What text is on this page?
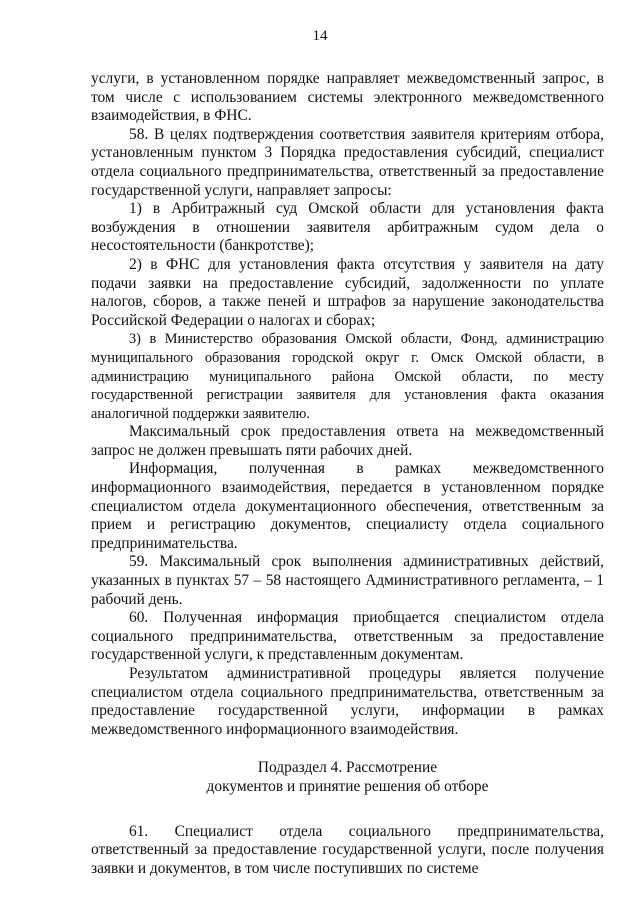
14

услуги, в установленном порядке направляет межведомственный запрос, в том числе с использованием системы электронного межведомственного взаимодействия, в ФНС.

58. В целях подтверждения соответствия заявителя критериям отбора, установленным пунктом 3 Порядка предоставления субсидий, специалист отдела социального предпринимательства, ответственный за предоставление государственной услуги, направляет запросы:

1) в Арбитражный суд Омской области для установления факта возбуждения в отношении заявителя арбитражным судом дела о несостоятельности (банкротстве);

2) в ФНС для установления факта отсутствия у заявителя на дату подачи заявки на предоставление субсидий, задолженности по уплате налогов, сборов, а также пеней и штрафов за нарушение законодательства Российской Федерации о налогах и сборах;

3) в Министерство образования Омской области, Фонд, администрацию муниципального образования городской округ г. Омск Омской области, в администрацию муниципального района Омской области, по месту государственной регистрации заявителя для установления факта оказания аналогичной поддержки заявителю.

Максимальный срок предоставления ответа на межведомственный запрос не должен превышать пяти рабочих дней.

Информация, полученная в рамках межведомственного информационного взаимодействия, передается в установленном порядке специалистом отдела документационного обеспечения, ответственным за прием и регистрацию документов, специалисту отдела социального предпринимательства.

59. Максимальный срок выполнения административных действий, указанных в пунктах 57 – 58 настоящего Административного регламента, – 1 рабочий день.

60. Полученная информация приобщается специалистом отдела социального предпринимательства, ответственным за предоставление государственной услуги, к представленным документам.

Результатом административной процедуры является получение специалистом отдела социального предпринимательства, ответственным за предоставление государственной услуги, информации в рамках межведомственного информационного взаимодействия.

Подраздел 4. Рассмотрение
документов и принятие решения об отборе

61. Специалист отдела социального предпринимательства, ответственный за предоставление государственной услуги, после получения заявки и документов, в том числе поступивших по системе
